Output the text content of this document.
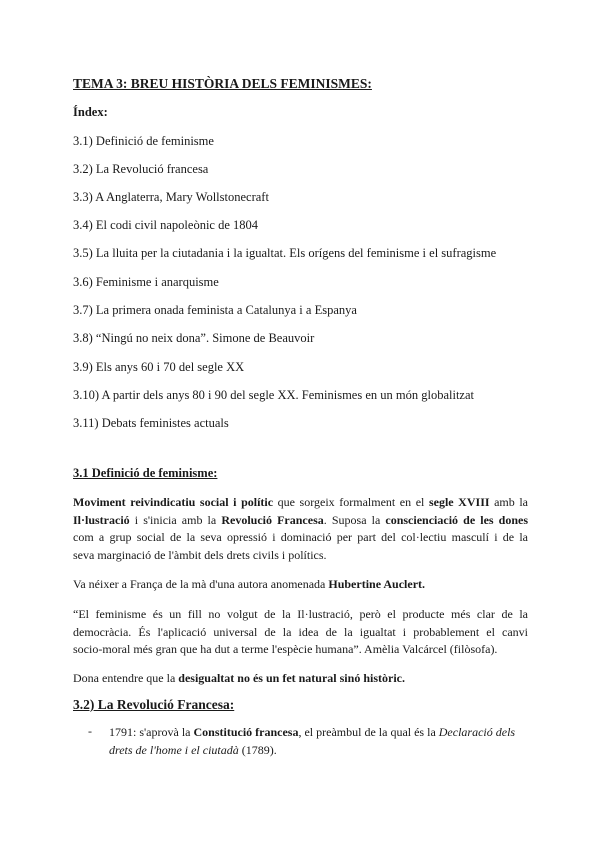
TEMA 3: BREU HISTÒRIA DELS FEMINISMES:
Índex:
3.1) Definició de feminisme
3.2) La Revolució francesa
3.3) A Anglaterra, Mary Wollstonecraft
3.4) El codi civil napoleònic de 1804
3.5) La lluita per la ciutadania i la igualtat. Els orígens del feminisme i el sufragisme
3.6) Feminisme i anarquisme
3.7) La primera onada feminista a Catalunya i a Espanya
3.8) “Ningú no neix dona”. Simone de Beauvoir
3.9) Els anys 60 i 70 del segle XX
3.10) A partir dels anys 80 i 90 del segle XX. Feminismes en un món globalitzat
3.11) Debats feministes actuals
3.1 Definició de feminisme:
Moviment reivindicatiu social i polític que sorgeix formalment en el segle XVIII amb la
Il·lustració i s'inicia amb la Revolució Francesa. Suposa la conscienciació de les dones
com a grup social de la seva opressió i dominació per part del col·lectiu masculí i de la
seva marginació de l'àmbit dels drets civils i polítics.
Va néixer a França de la mà d'una autora anomenada Hubertine Auclert.
“El feminisme és un fill no volgut de la Il·lustració, però el producte més clar de la
democràcia. És l'aplicació universal de la idea de la igualtat i probablement el canvi
socio-moral més gran que ha dut a terme l'espècie humana”. Amèlia Valcárcel (filòsofa).
Dona entendre que la desigualtat no és un fet natural sinó històric.
3.2) La Revolució Francesa:
- 1791: s'aprovà la Constitució francesa, el preàmbul de la qual és la Declaració dels
drets de l'home i el ciutadà (1789).
